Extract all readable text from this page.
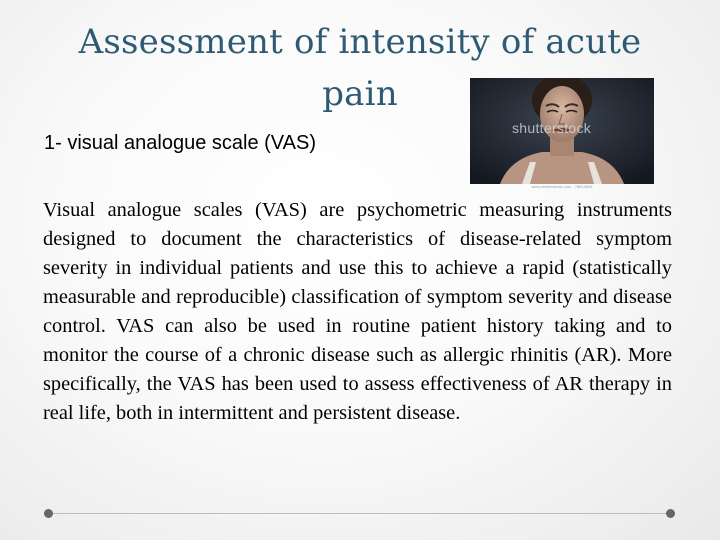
Assessment of intensity of acute pain
1- visual analogue scale (VAS)
shutterstock
www.shutterstock.com · 78614694

Visual analogue scales (VAS) are psychometric measuring instruments designed to document the characteristics of disease-related symptom severity in individual patients and use this to achieve a rapid (statistically measurable and reproducible) classification of symptom severity and disease control. VAS can also be used in routine patient history taking and to monitor the course of a chronic disease such as allergic rhinitis (AR). More specifically, the VAS has been used to assess effectiveness of AR therapy in real life, both in intermittent and persistent disease.
